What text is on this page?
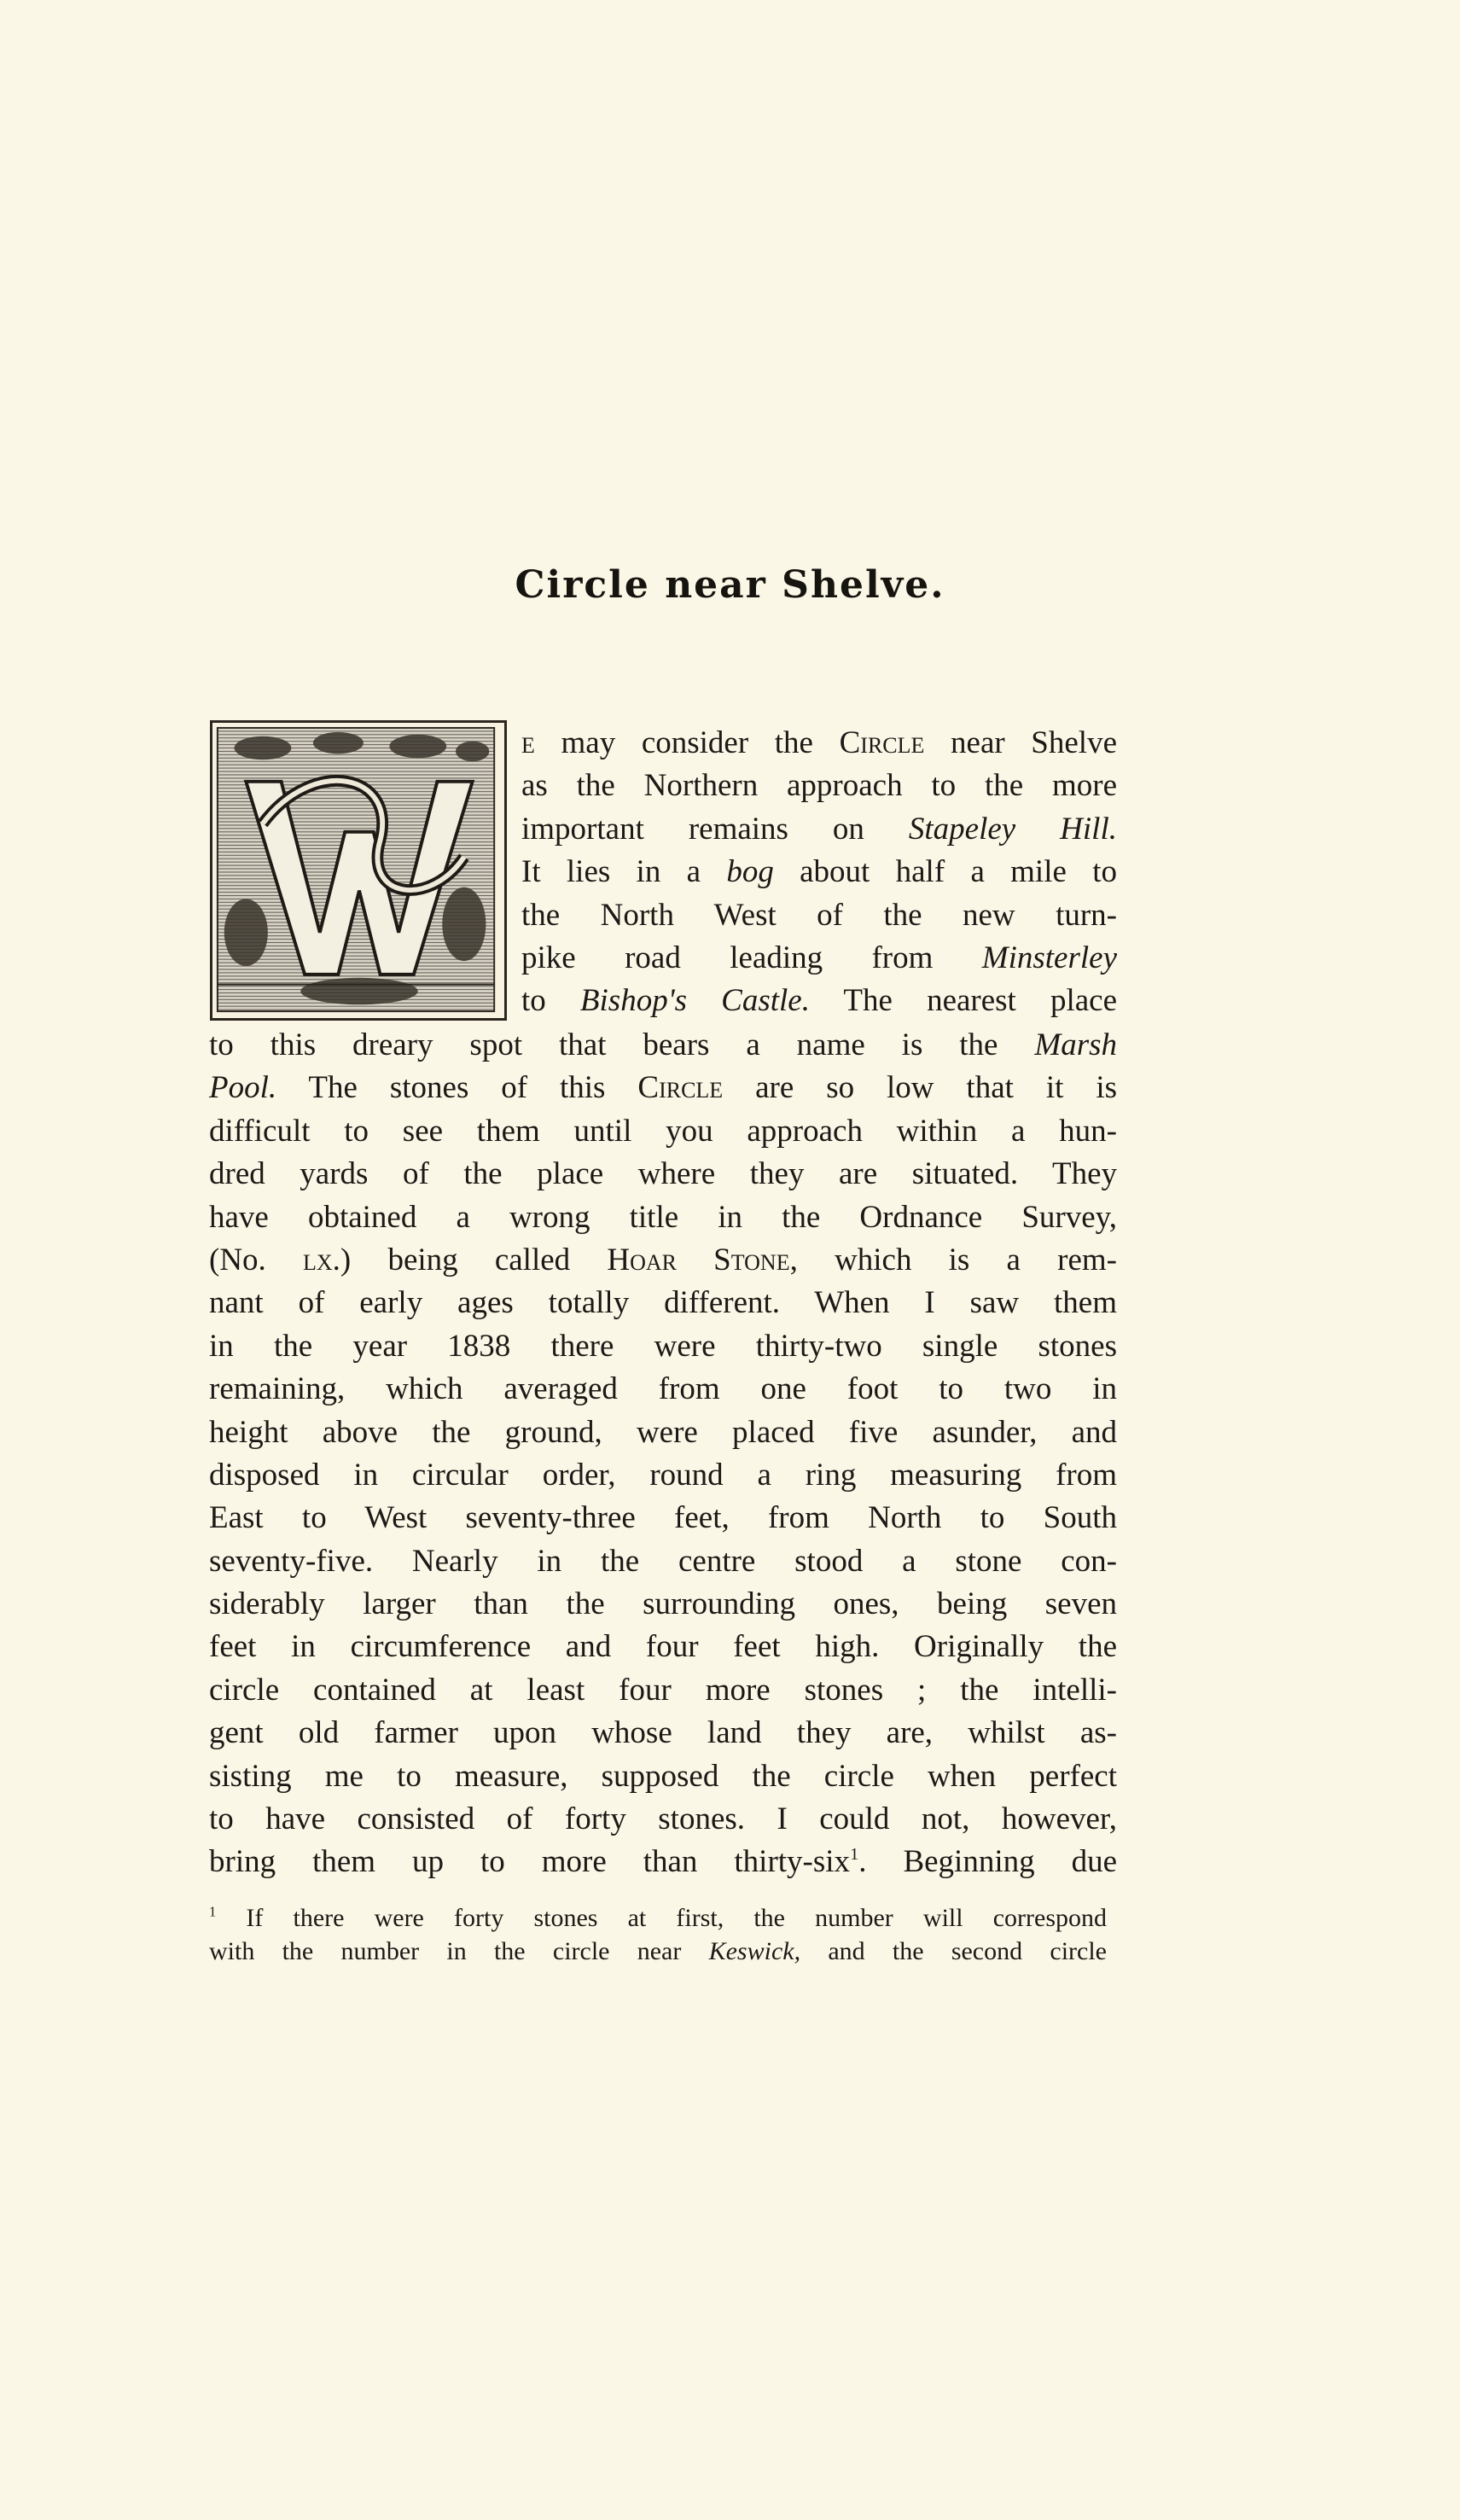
Circle near Shelve.
e may consider the Circle near Shelve
as the Northern approach to the more
important remains on Stapeley Hill.
It lies in a bog about half a mile to
the North West of the new turn-
pike road leading from Minsterley
to Bishop's Castle. The nearest place
to this dreary spot that bears a name is the Marsh
Pool. The stones of this Circle are so low that it is
difficult to see them until you approach within a hun-
dred yards of the place where they are situated. They
have obtained a wrong title in the Ordnance Survey,
(No. lx.) being called Hoar Stone, which is a rem-
nant of early ages totally different. When I saw them
in the year 1838 there were thirty-two single stones
remaining, which averaged from one foot to two in
height above the ground, were placed five asunder, and
disposed in circular order, round a ring measuring from
East to West seventy-three feet, from North to South
seventy-five. Nearly in the centre stood a stone con-
siderably larger than the surrounding ones, being seven
feet in circumference and four feet high. Originally the
circle contained at least four more stones ; the intelli-
gent old farmer upon whose land they are, whilst as-
sisting me to measure, supposed the circle when perfect
to have consisted of forty stones. I could not, however,
bring them up to more than thirty-six$^1$. Beginning due
$^1$ If there were forty stones at first, the number will correspond
with the number in the circle near Keswick, and the second circle
